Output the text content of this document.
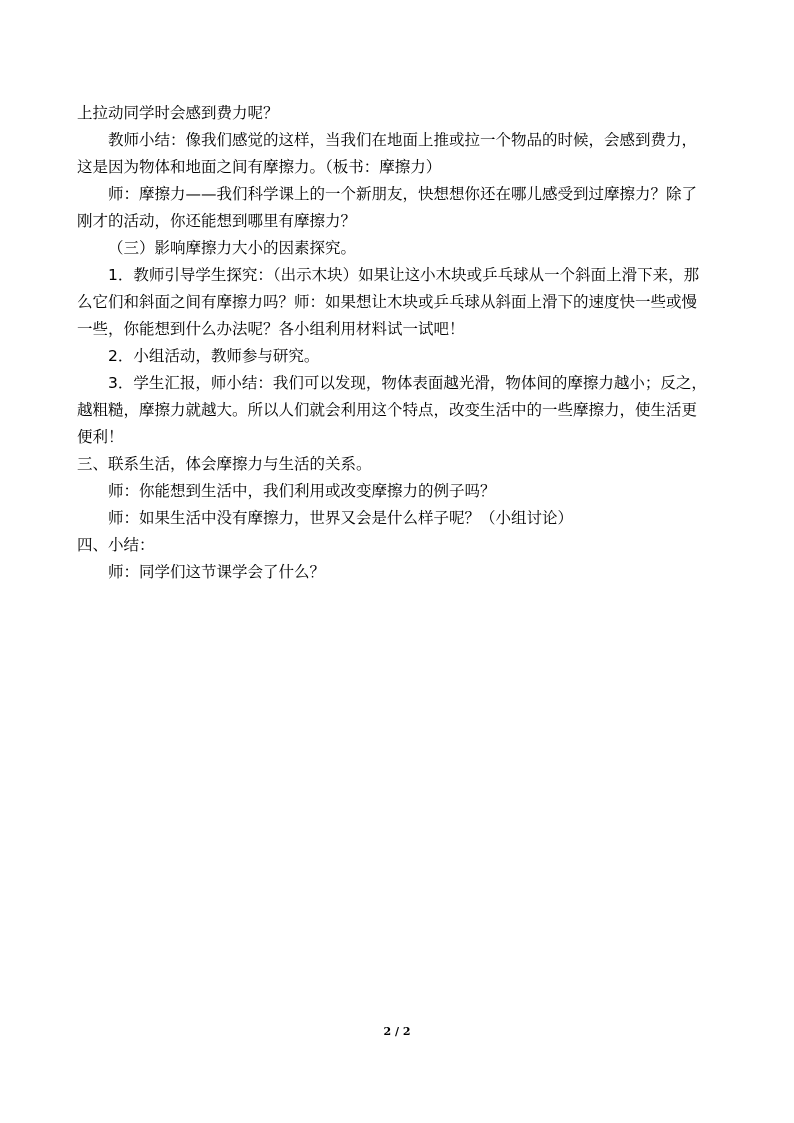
上拉动同学时会感到费力呢？

教师小结：像我们感觉的这样，当我们在地面上推或拉一个物品的时候，会感到费力，
这是因为物体和地面之间有摩擦力。（板书：摩擦力）

师：摩擦力——我们科学课上的一个新朋友，快想想你还在哪儿感受到过摩擦力？除了
刚才的活动，你还能想到哪里有摩擦力？

（三）影响摩擦力大小的因素探究。

1．教师引导学生探究：（出示木块）如果让这小木块或乒乓球从一个斜面上滑下来，那
么它们和斜面之间有摩擦力吗？师：如果想让木块或乒乓球从斜面上滑下的速度快一些或慢
一些，你能想到什么办法呢？各小组利用材料试一试吧！

2．小组活动，教师参与研究。

3．学生汇报，师小结：我们可以发现，物体表面越光滑，物体间的摩擦力越小；反之，
越粗糙，摩擦力就越大。所以人们就会利用这个特点，改变生活中的一些摩擦力，使生活更
便利！

三、联系生活，体会摩擦力与生活的关系。

师：你能想到生活中，我们利用或改变摩擦力的例子吗？

师：如果生活中没有摩擦力，世界又会是什么样子呢？（小组讨论）

四、小结：

师：同学们这节课学会了什么？

2 / 2
